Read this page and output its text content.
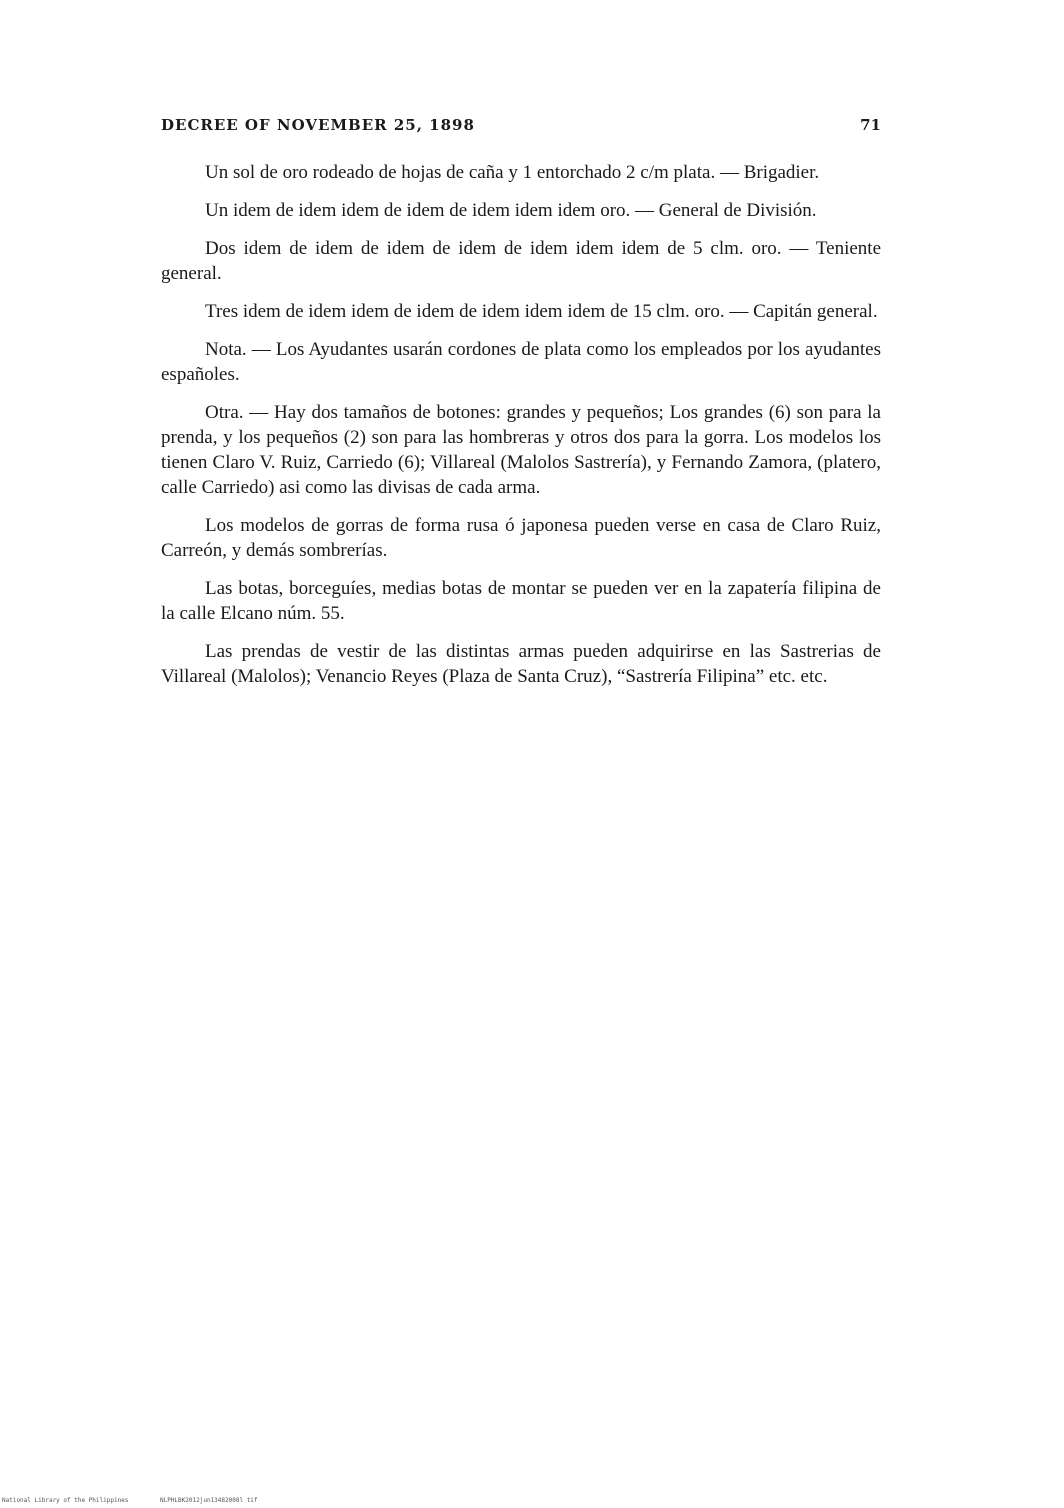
DECREE OF NOVEMBER 25, 1898	71

Un sol de oro rodeado de hojas de caña y 1 entorchado 2 c/m plata. — Brigadier.

Un idem de idem idem de idem de idem idem idem oro. — General de División.

Dos idem de idem de idem de idem de idem idem idem de 5 clm. oro. — Teniente general.

Tres idem de idem idem de idem de idem idem idem de 15 clm. oro. — Capitán general.

Nota. — Los Ayudantes usarán cordones de plata como los empleados por los ayudantes españoles.

Otra. — Hay dos tamaños de botones: grandes y pequeños; Los grandes (6) son para la prenda, y los pequeños (2) son para las hombreras y otros dos para la gorra. Los modelos los tienen Claro V. Ruiz, Carriedo (6); Villareal (Malolos Sastrería), y Fernando Zamora, (platero, calle Carriedo) asi como las divisas de cada arma.

Los modelos de gorras de forma rusa ó japonesa pueden verse en casa de Claro Ruiz, Carreón, y demás sombrerías.

Las botas, borceguíes, medias botas de montar se pueden ver en la zapatería filipina de la calle Elcano núm. 55.

Las prendas de vestir de las distintas armas pueden adquirirse en las Sastrerias de Villareal (Malolos); Venancio Reyes (Plaza de Santa Cruz), “Sastrería Filipina” etc. etc.

National Library of the Philippines	NLPHLBK2012jun13482008l tif
